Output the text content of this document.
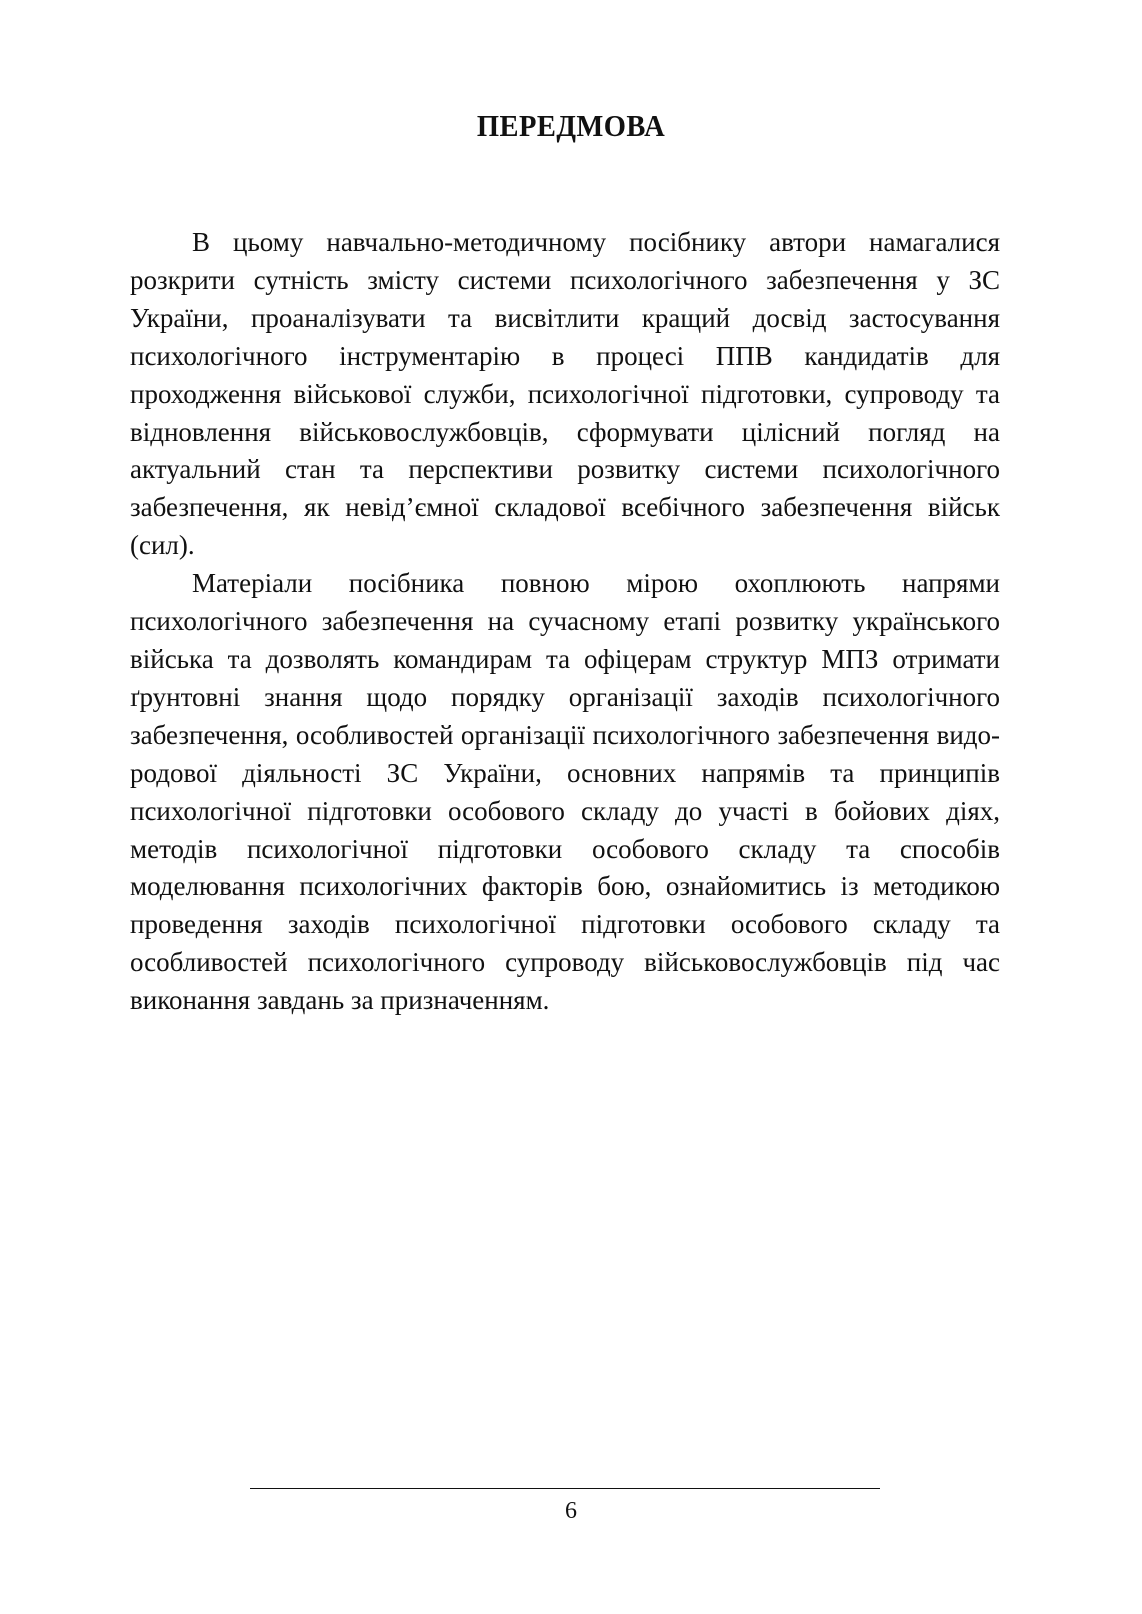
ПЕРЕДМОВА

В цьому навчально-методичному посібнику автори намагалися розкрити сутність змісту системи психологічного забезпечення у ЗС України, проаналізувати та висвітлити кращий досвід застосування психологічного інструментарію в процесі ППВ кандидатів для проходження військової служби, психологічної підготовки, супроводу та відновлення військовослужбовців, сформувати цілісний погляд на актуальний стан та перспективи розвитку системи психологічного забезпечення, як невід’ємної складової всебічного забезпечення військ (сил).

Матеріали посібника повною мірою охоплюють напрями психологічного забезпечення на сучасному етапі розвитку українського війська та дозволять командирам та офіцерам структур МПЗ отримати ґрунтовні знання щодо порядку організації заходів психологічного забезпечення, особливостей організації психологічного забезпечення видо-родової діяльності ЗС України, основних напрямів та принципів психологічної підготовки особового складу до участі в бойових діях, методів психологічної підготовки особового складу та способів моделювання психологічних факторів бою, ознайомитись із методикою проведення заходів психологічної підготовки особового складу та особливостей психологічного супроводу військовослужбовців під час виконання завдань за призначенням.

6
